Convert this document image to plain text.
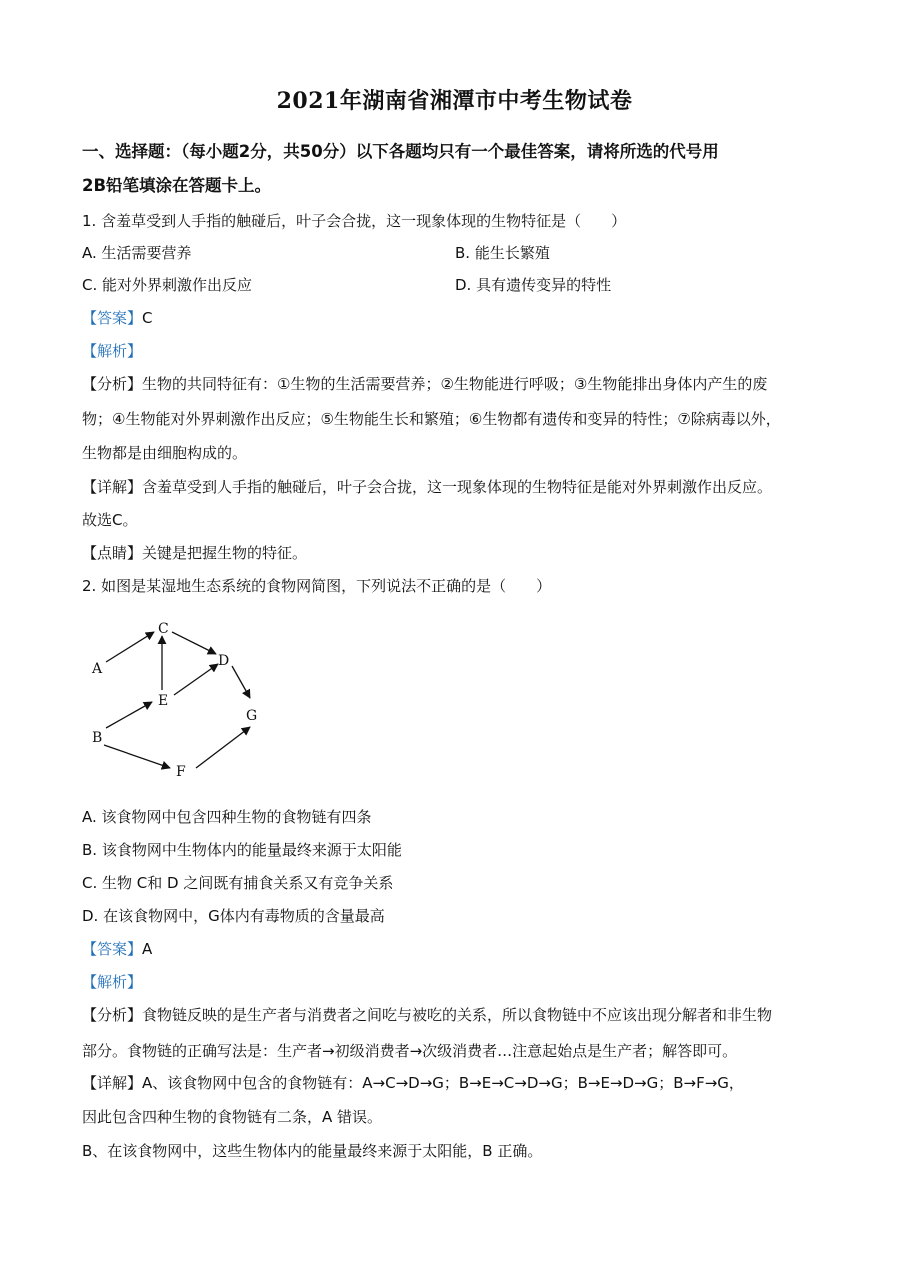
2021年湖南省湘潭市中考生物试卷
一、选择题：（每小题2分，共50分）以下各题均只有一个最佳答案，请将所选的代号用
2B铅笔填涂在答题卡上。
1. 含羞草受到人手指的触碰后，叶子会合拢，这一现象体现的生物特征是（　　）
A. 生活需要营养	B. 能生长繁殖
C. 能对外界刺激作出反应	D. 具有遗传变异的特性
【答案】C
【解析】
【分析】生物的共同特征有：①生物的生活需要营养；②生物能进行呼吸；③生物能排出身体内产生的废
物；④生物能对外界刺激作出反应；⑤生物能生长和繁殖；⑥生物都有遗传和变异的特性；⑦除病毒以外，
生物都是由细胞构成的。
【详解】含羞草受到人手指的触碰后，叶子会合拢，这一现象体现的生物特征是能对外界刺激作出反应。
故选C。
【点睛】关键是把握生物的特征。
2. 如图是某湿地生态系统的食物网简图，下列说法不正确的是（　　）
A
B
C
D
E
F
G
A. 该食物网中包含四种生物的食物链有四条
B. 该食物网中生物体内的能量最终来源于太阳能
C. 生物 C和 D 之间既有捕食关系又有竞争关系
D. 在该食物网中，G体内有毒物质的含量最高
【答案】A
【解析】
【分析】食物链反映的是生产者与消费者之间吃与被吃的关系，所以食物链中不应该出现分解者和非生物
部分。食物链的正确写法是：生产者→初级消费者→次级消费者…注意起始点是生产者；解答即可。
【详解】A、该食物网中包含的食物链有：A→C→D→G；B→E→C→D→G；B→E→D→G；B→F→G，
因此包含四种生物的食物链有二条，A 错误。
B、在该食物网中，这些生物体内的能量最终来源于太阳能，B 正确。
